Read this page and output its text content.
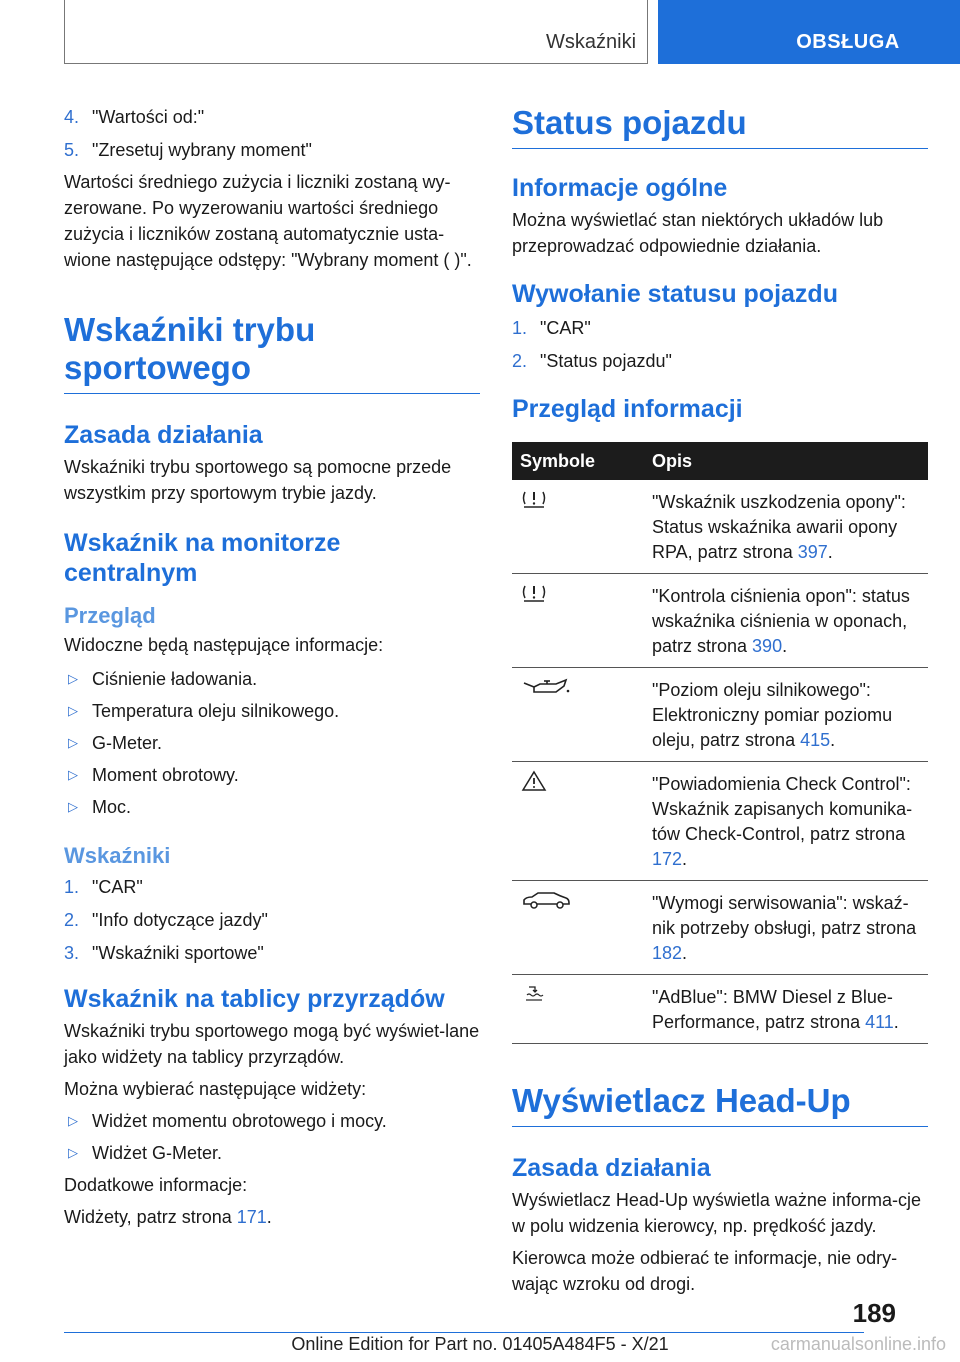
Wskaźniki	OBSŁUGA
4. "Wartości od:"
5. "Zresetuj wybrany moment"

Wartości średniego zużycia i liczniki zostaną wy-zerowane. Po wyzerowaniu wartości średniego zużycia i liczników zostaną automatycznie usta-wione następujące odstępy: "Wybrany moment ( )".

Wskaźniki trybu sportowego
Zasada działania

Wskaźniki trybu sportowego są pomocne przede wszystkim przy sportowym trybie jazdy.

Wskaźnik na monitorze centralnym
Przegląd

Widoczne będą następujące informacje:

▷ Ciśnienie ładowania.
▷ Temperatura oleju silnikowego.
▷ G-Meter.
▷ Moment obrotowy.
▷ Moc.
Wskaźniki
1. "CAR"
2. "Info dotyczące jazdy"
3. "Wskaźniki sportowe"
Wskaźnik na tablicy przyrządów

Wskaźniki trybu sportowego mogą być wyświet-lane jako widżety na tablicy przyrządów.

Można wybierać następujące widżety:

▷ Widżet momentu obrotowego i mocy.
▷ Widżet G-Meter.

Dodatkowe informacje:

Widżety, patrz strona 171.

Status pojazdu
Informacje ogólne

Można wyświetlać stan niektórych układów lub przeprowadzać odpowiednie działania.

Wywołanie statusu pojazdu
1. "CAR"
2. "Status pojazdu"
Przegląd informacji
Symbole	Opis
	"Wskaźnik uszkodzenia opony": Status wskaźnika awarii opony RPA, patrz strona 397.
	"Kontrola ciśnienia opon": status wskaźnika ciśnienia w oponach, patrz strona 390.
	"Poziom oleju silnikowego": Elektroniczny pomiar poziomu oleju, patrz strona 415.
	"Powiadomienia Check Control": Wskaźnik zapisanych komunika-tów Check-Control, patrz strona 172.
	"Wymogi serwisowania": wskaź-nik potrzeby obsługi, patrz strona 182.
	"AdBlue": BMW Diesel z Blue-Performance, patrz strona 411.
Wyświetlacz Head-Up
Zasada działania

Wyświetlacz Head-Up wyświetla ważne informa-cje w polu widzenia kierowcy, np. prędkość jazdy.

Kierowca może odbierać te informacje, nie odry-wając wzroku od drogi.

189
Online Edition for Part no. 01405A484F5 - X/21	carmanualsonline.info
